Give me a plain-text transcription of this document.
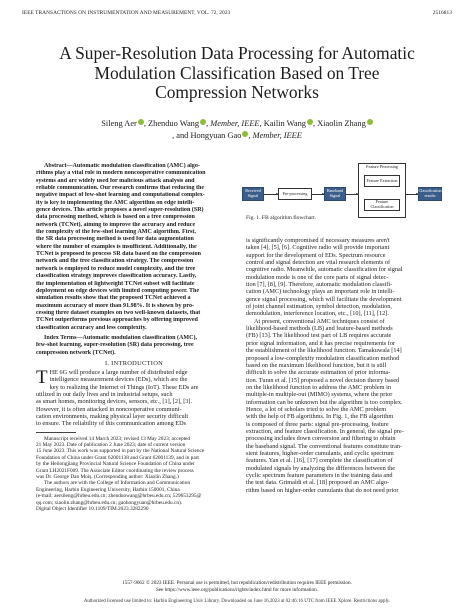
IEEE TRANSACTIONS ON INSTRUMENTATION AND MEASUREMENT, VOL. 72, 2023	2516813
A Super-Resolution Data Processing for Automatic
Modulation Classification Based on Tree
Compression Networks
Sileng Aer , Zhenduo Wang , Member, IEEE, Kailin Wang , Xiaolin Zhang
, and Hongyuan Gao , Member, IEEE
Abstract—Automatic modulation classification (AMC) algo-
rithms play a vital role in modern noncooperative communication
systems and are widely used for malicious attack analysis and
reliable communication. Our research confirms that reducing the
negative impact of few-shot learning and computational complex-
ity is key to implementing the AMC algorithm on edge intelli-
gence devices. This article proposes a novel super-resolution (SR)
data processing method, which is based on a tree compression
network (TCNet), aiming to improve the accuracy and reduce
the complexity of the few-shot learning AMC algorithm. First,
the SR data processing method is used for data augmentation
where the number of examples is insufficient. Additionally, the
TCNet is proposed to process SR data based on the compression
network and the tree classification strategy. The compression
network is employed to reduce model complexity, and the tree
classification strategy improves classification accuracy. Lastly,
the implementation of lightweight TCNet subset will facilitate
deployment on edge devices with limited computing power. The
simulation results show that the proposed TCNet achieved a
maximum accuracy of more than 91.98%. It is shown by pro-
cessing three dataset examples on two well-known datasets, that
TCNet outperforms previous approaches by offering improved
classification accuracy and less complexity.
Index Terms—Automatic modulation classification (AMC),
few-shot learning, super-resolution (SR) data processing, tree
compression network (TCNet).
I. INTRODUCTION
T HE 6G will produce a large number of distributed edge
intelligence measurement devices (EDs), which are the
key to realizing the Internet of Things (IoT). These EDs are
utilized in our daily lives and in industrial setups, such
as smart homes, monitoring devices, sensors, etc., [1], [2], [3].
However, it is often attacked in noncooperative communi-
cation environments, making physical layer security difficult
to ensure. The reliability of this communication among EDs
Manuscript received 14 March 2023; revised 13 May 2023; accepted
21 May 2023. Date of publication 2 June 2023; date of current version
15 June 2023. This work was supported in part by the National Natural Science
Foundation of China under Grant 62001138 and Grant 62001139, and in part
by the Heilongjiang Provincial Natural Science Foundation of China under
Grant LH2021F009. The Associate Editor coordinating the review process
was Dr. George Dan Moiș. (Corresponding author: Xiaolin Zhang.)
The authors are with the College of Information and Communication
Engineering, Harbin Engineering University, Harbin 150001, China
(e-mail: aersileng@hrbeu.edu.cn; zhenduowang@hrbeu.edu.cn; 529653295@
qq.com; xiaolin.zhang@hrbeu.edu.cn; gaohongyuan@hrbeu.edu.cn).
Digital Object Identifier 10.1109/TIM.2023.3282290
Received Signal	Pre-processing	Baseband Signal
Feature Processing
Feature Extraction
Feature Classification
Classification results
Fig. 1. FB algorithm flowchart.
is significantly compromised if necessary measures aren't
taken [4], [5], [6]. Cognitive radio will provide important
support for the development of EDs. Spectrum resource
control and signal detection are vital research elements of
cognitive radio. Meanwhile, automatic classification for signal
modulation mode is one of the core parts of signal detec-
tion [7], [8], [9]. Therefore, automatic modulation classifi-
cation (AMC) technology plays an important role in intelli-
gence signal processing, which will facilitate the development
of joint channel estimation, symbol detection, modulation,
demodulation, interference location, etc., [10], [11], [12].
At present, conventional AMC techniques consist of
likelihood-based methods (LB) and feature-based methods
(FB) [13]. The likelihood test part of LB requires accurate
prior signal information, and it has precise requirements for
the establishment of the likelihood function. Tamakuwala [14]
proposed a low-complexity modulation classification method
based on the maximum likelihood function, but it is still
difficult to solve the accurate estimation of prior informa-
tion. Turan et al. [15] proposed a novel decision theory based
on the likelihood function to address the AMC problem in
multiple-in multiple-out (MIMO) systems, where the prior
information can be unknown but the algorithm is too complex.
Hence, a lot of scholars tried to solve the AMC problem
with the help of FB algorithms. In Fig. 1, the FB algorithm
is composed of three parts: signal pre-processing, feature
extraction, and feature classification. In general, the signal pre-
processing includes down conversion and filtering to obtain
the baseband signal. The conventional features constitute tran-
sient features, higher-order cumulants, and cyclic spectrum
features. Yan et al. [16], [17] complete the classification of
modulated signals by analyzing the differences between the
cyclic spectrum feature parameters in the training data and
the test data. Grimaldi et al. [18] proposed an AMC algo-
rithm based on higher-order cumulants that do not need prior
1557-9662 © 2023 IEEE. Personal use is permitted, but republication/redistribution requires IEEE permission.
See https://www.ieee.org/publications/rights/index.html for more information.
Authorized licensed use limited to: Harbin Engineering Univ Library. Downloaded on June 16,2023 at 02:46:16 UTC from IEEE Xplore. Restrictions apply.
